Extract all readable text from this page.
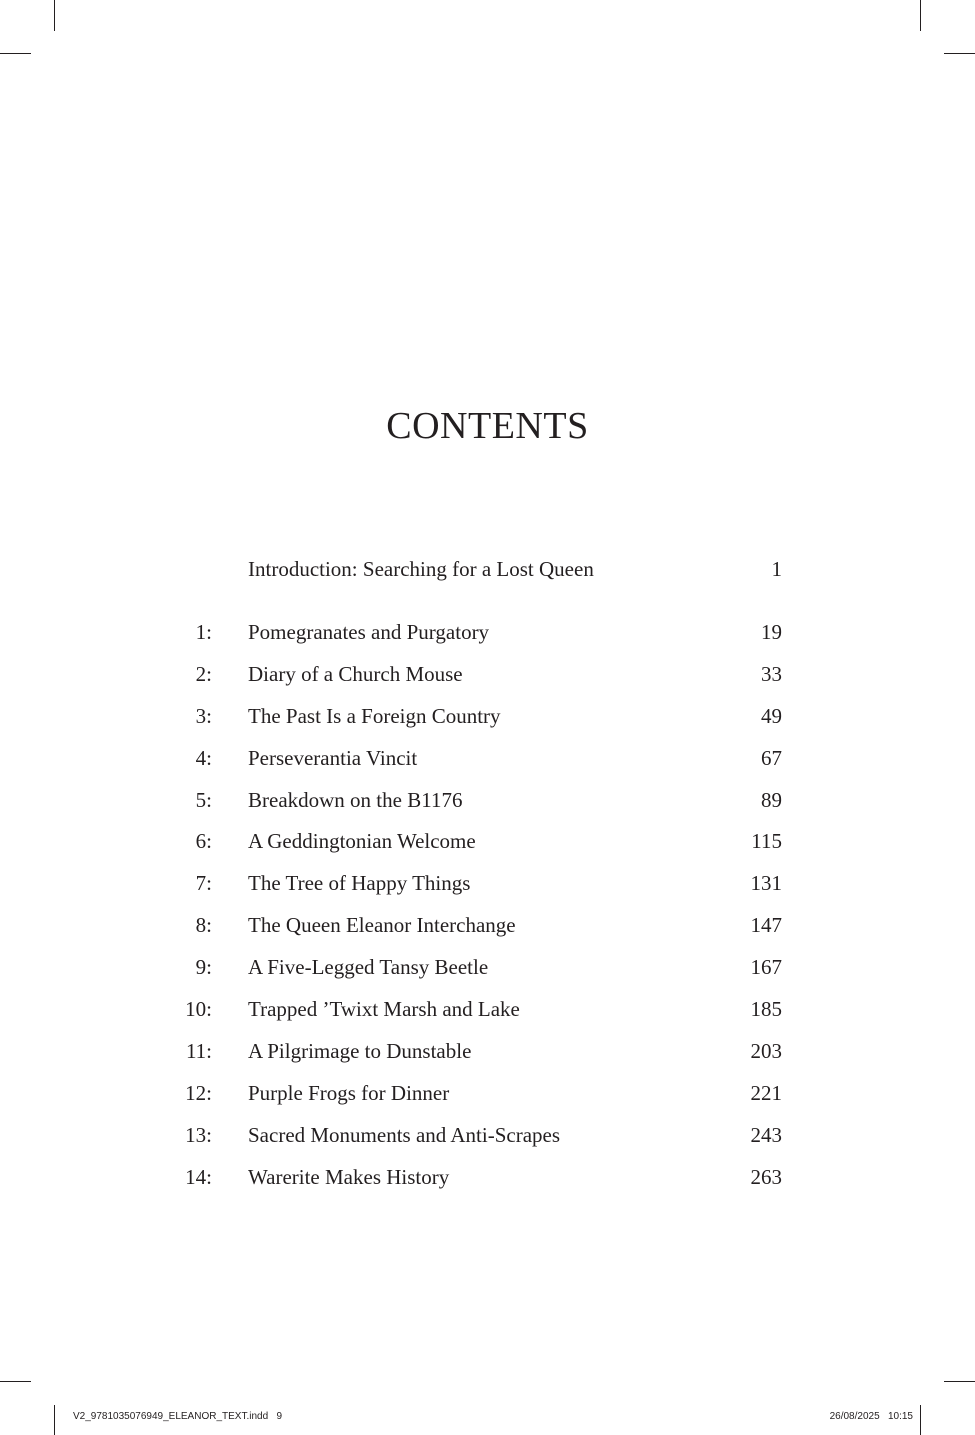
CONTENTS
Introduction: Searching for a Lost Queen	1
1: Pomegranates and Purgatory	19
2: Diary of a Church Mouse	33
3: The Past Is a Foreign Country	49
4: Perseverantia Vincit	67
5: Breakdown on the B1176	89
6: A Geddingtonian Welcome	115
7: The Tree of Happy Things	131
8: The Queen Eleanor Interchange	147
9: A Five-Legged Tansy Beetle	167
10: Trapped ’Twixt Marsh and Lake	185
11: A Pilgrimage to Dunstable	203
12: Purple Frogs for Dinner	221
13: Sacred Monuments and Anti-Scrapes	243
14: Warerite Makes History	263
V2_9781035076949_ELEANOR_TEXT.indd   9	26/08/2025   10:15
